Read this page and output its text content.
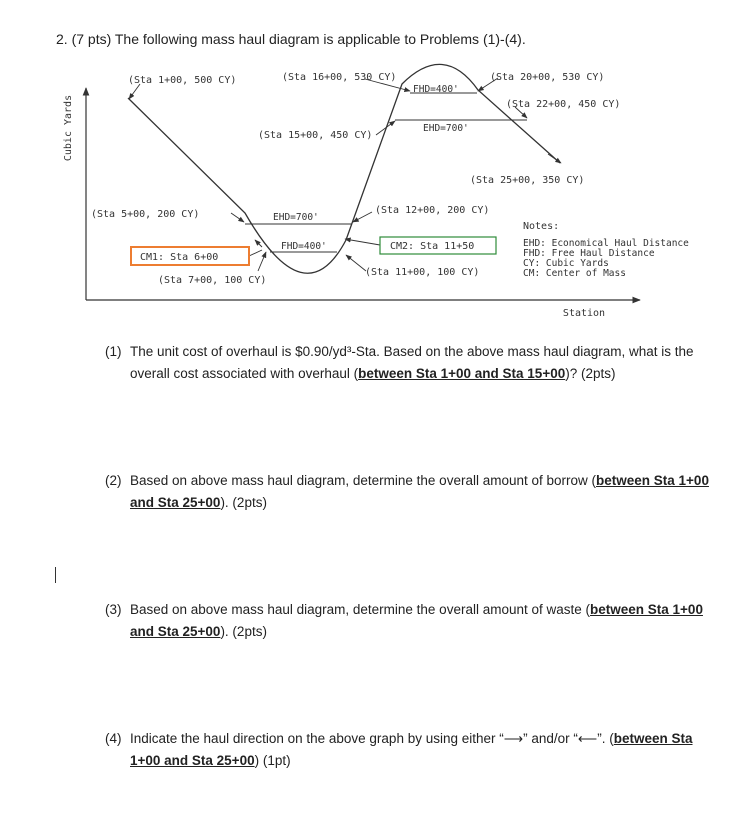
2. (7 pts) The following mass haul diagram is applicable to Problems (1)-(4).
Cubic Yards
Station
(Sta 1+00, 500 CY)	(Sta 16+00, 530 CY)	(Sta 20+00, 530 CY)
(Sta 22+00, 450 CY)
(Sta 15+00, 450 CY)
(Sta 25+00, 350 CY)
(Sta 5+00, 200 CY)	(Sta 12+00, 200 CY)
(Sta 7+00, 100 CY)
(Sta 11+00, 100 CY)
FHD=400'
EHD=700'
EHD=700'
FHD=400'
CM1: Sta 6+00
CM2: Sta 11+50
Notes:
EHD: Economical Haul Distance
FHD: Free Haul Distance
CY: Cubic Yards
CM: Center of Mass
(1) The unit cost of overhaul is $0.90/yd³-Sta. Based on the above mass haul diagram, what is the overall cost associated with overhaul (between Sta 1+00 and Sta 15+00)? (2pts)
(2) Based on above mass haul diagram, determine the overall amount of borrow (between Sta 1+00 and Sta 25+00). (2pts)
(3) Based on above mass haul diagram, determine the overall amount of waste (between Sta 1+00 and Sta 25+00). (2pts)
(4) Indicate the haul direction on the above graph by using either “⟶” and/or “⟵”. (between Sta 1+00 and Sta 25+00) (1pt)
